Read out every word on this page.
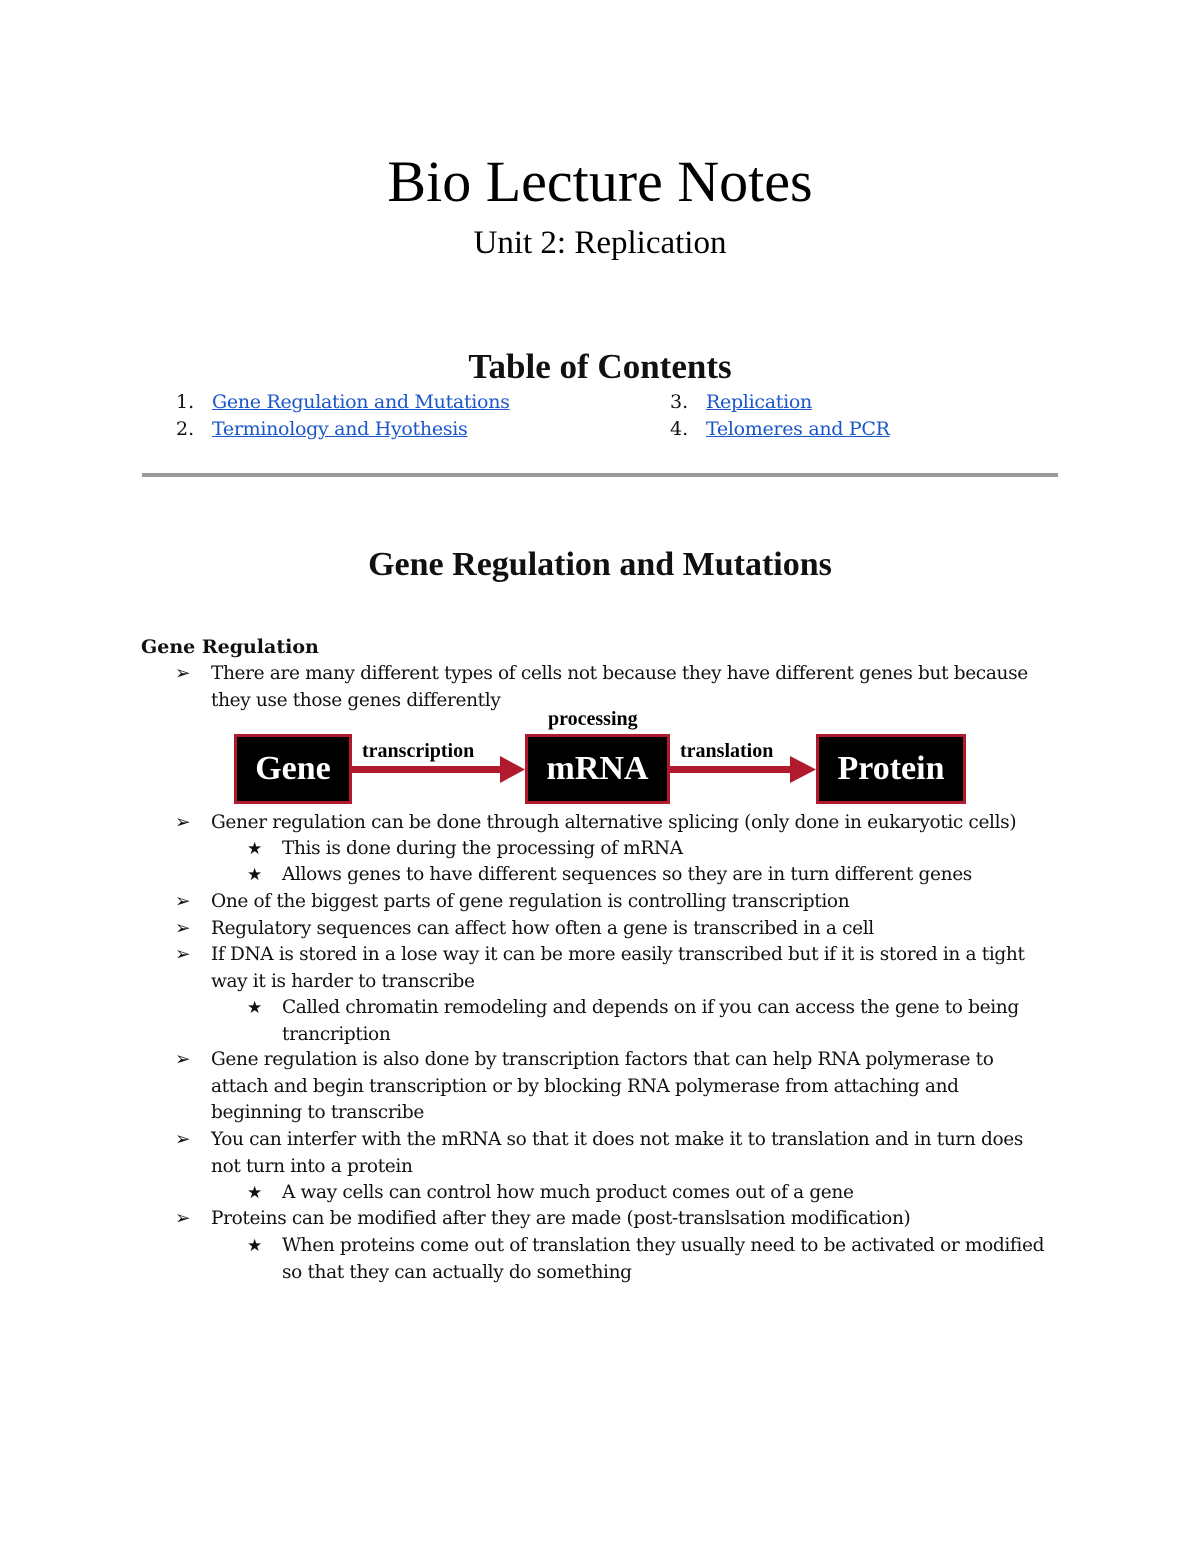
Bio Lecture Notes
Unit 2: Replication
Table of Contents
1. Gene Regulation and Mutations
2. Terminology and Hyothesis
3. Replication
4. Telomeres and PCR
Gene Regulation and Mutations
Gene Regulation
➢	There are many different types of cells not because they have different genes but because they use those genes differently
Gene	mRNA	Protein
processing
transcription	translation
➢	Gener regulation can be done through alternative splicing (only done in eukaryotic cells)
★	This is done during the processing of mRNA
★	Allows genes to have different sequences so they are in turn different genes
➢	One of the biggest parts of gene regulation is controlling transcription
➢	Regulatory sequences can affect how often a gene is transcribed in a cell
➢	If DNA is stored in a lose way it can be more easily transcribed but if it is stored in a tight way it is harder to transcribe
★	Called chromatin remodeling and depends on if you can access the gene to being trancription
➢	Gene regulation is also done by transcription factors that can help RNA polymerase to attach and begin transcription or by blocking RNA polymerase from attaching and beginning to transcribe
➢	You can interfer with the mRNA so that it does not make it to translation and in turn does not turn into a protein
★	A way cells can control how much product comes out of a gene
➢	Proteins can be modified after they are made (post-translsation modification)
★	When proteins come out of translation they usually need to be activated or modified so that they can actually do something
